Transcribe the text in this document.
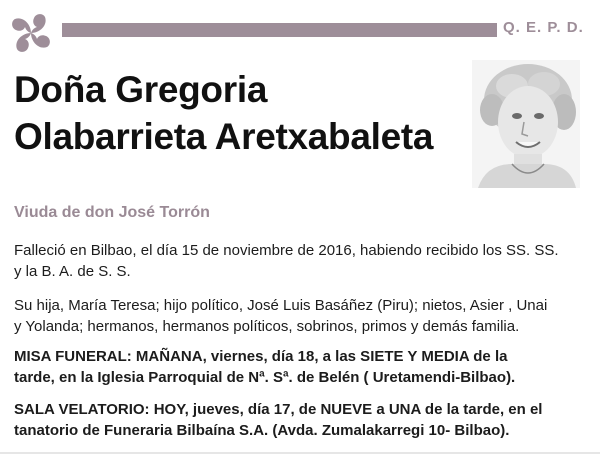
Q. E. P. D.
Doña Gregoria
Olabarrieta Aretxabaleta
Viuda de don José Torrón
Falleció en Bilbao, el día 15 de noviembre de 2016, habiendo recibido los SS. SS.
y la B. A. de S. S.
Su hija, María Teresa; hijo político, José Luis Basáñez (Piru); nietos, Asier , Unai
y Yolanda; hermanos, hermanos políticos, sobrinos, primos y demás familia.
MISA FUNERAL: MAÑANA, viernes, día 18, a las SIETE Y MEDIA de la
tarde, en la Iglesia Parroquial de Nª. Sª. de Belén ( Uretamendi-Bilbao).
SALA VELATORIO: HOY, jueves, día 17, de NUEVE a UNA de la tarde, en el
tanatorio de Funeraria Bilbaína S.A. (Avda. Zumalakarregi 10- Bilbao).
